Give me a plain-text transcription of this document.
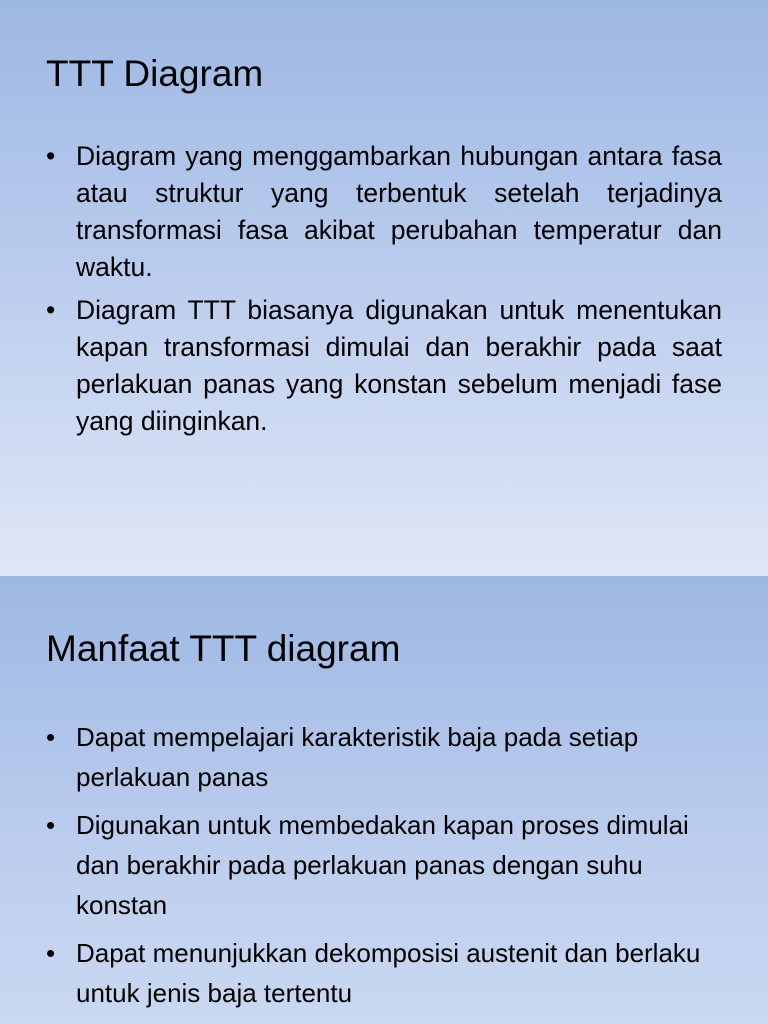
TTT Diagram
• Diagram yang menggambarkan hubungan antara fasa atau struktur yang terbentuk setelah terjadinya transformasi fasa akibat perubahan temperatur dan waktu.
• Diagram TTT biasanya digunakan untuk menentukan kapan transformasi dimulai dan berakhir pada saat perlakuan panas yang konstan sebelum menjadi fase yang diinginkan.
Manfaat TTT diagram
• Dapat mempelajari karakteristik baja pada setiap perlakuan panas
• Digunakan untuk membedakan kapan proses dimulai dan berakhir pada perlakuan panas dengan suhu konstan
• Dapat menunjukkan dekomposisi austenit dan berlaku untuk jenis baja tertentu
